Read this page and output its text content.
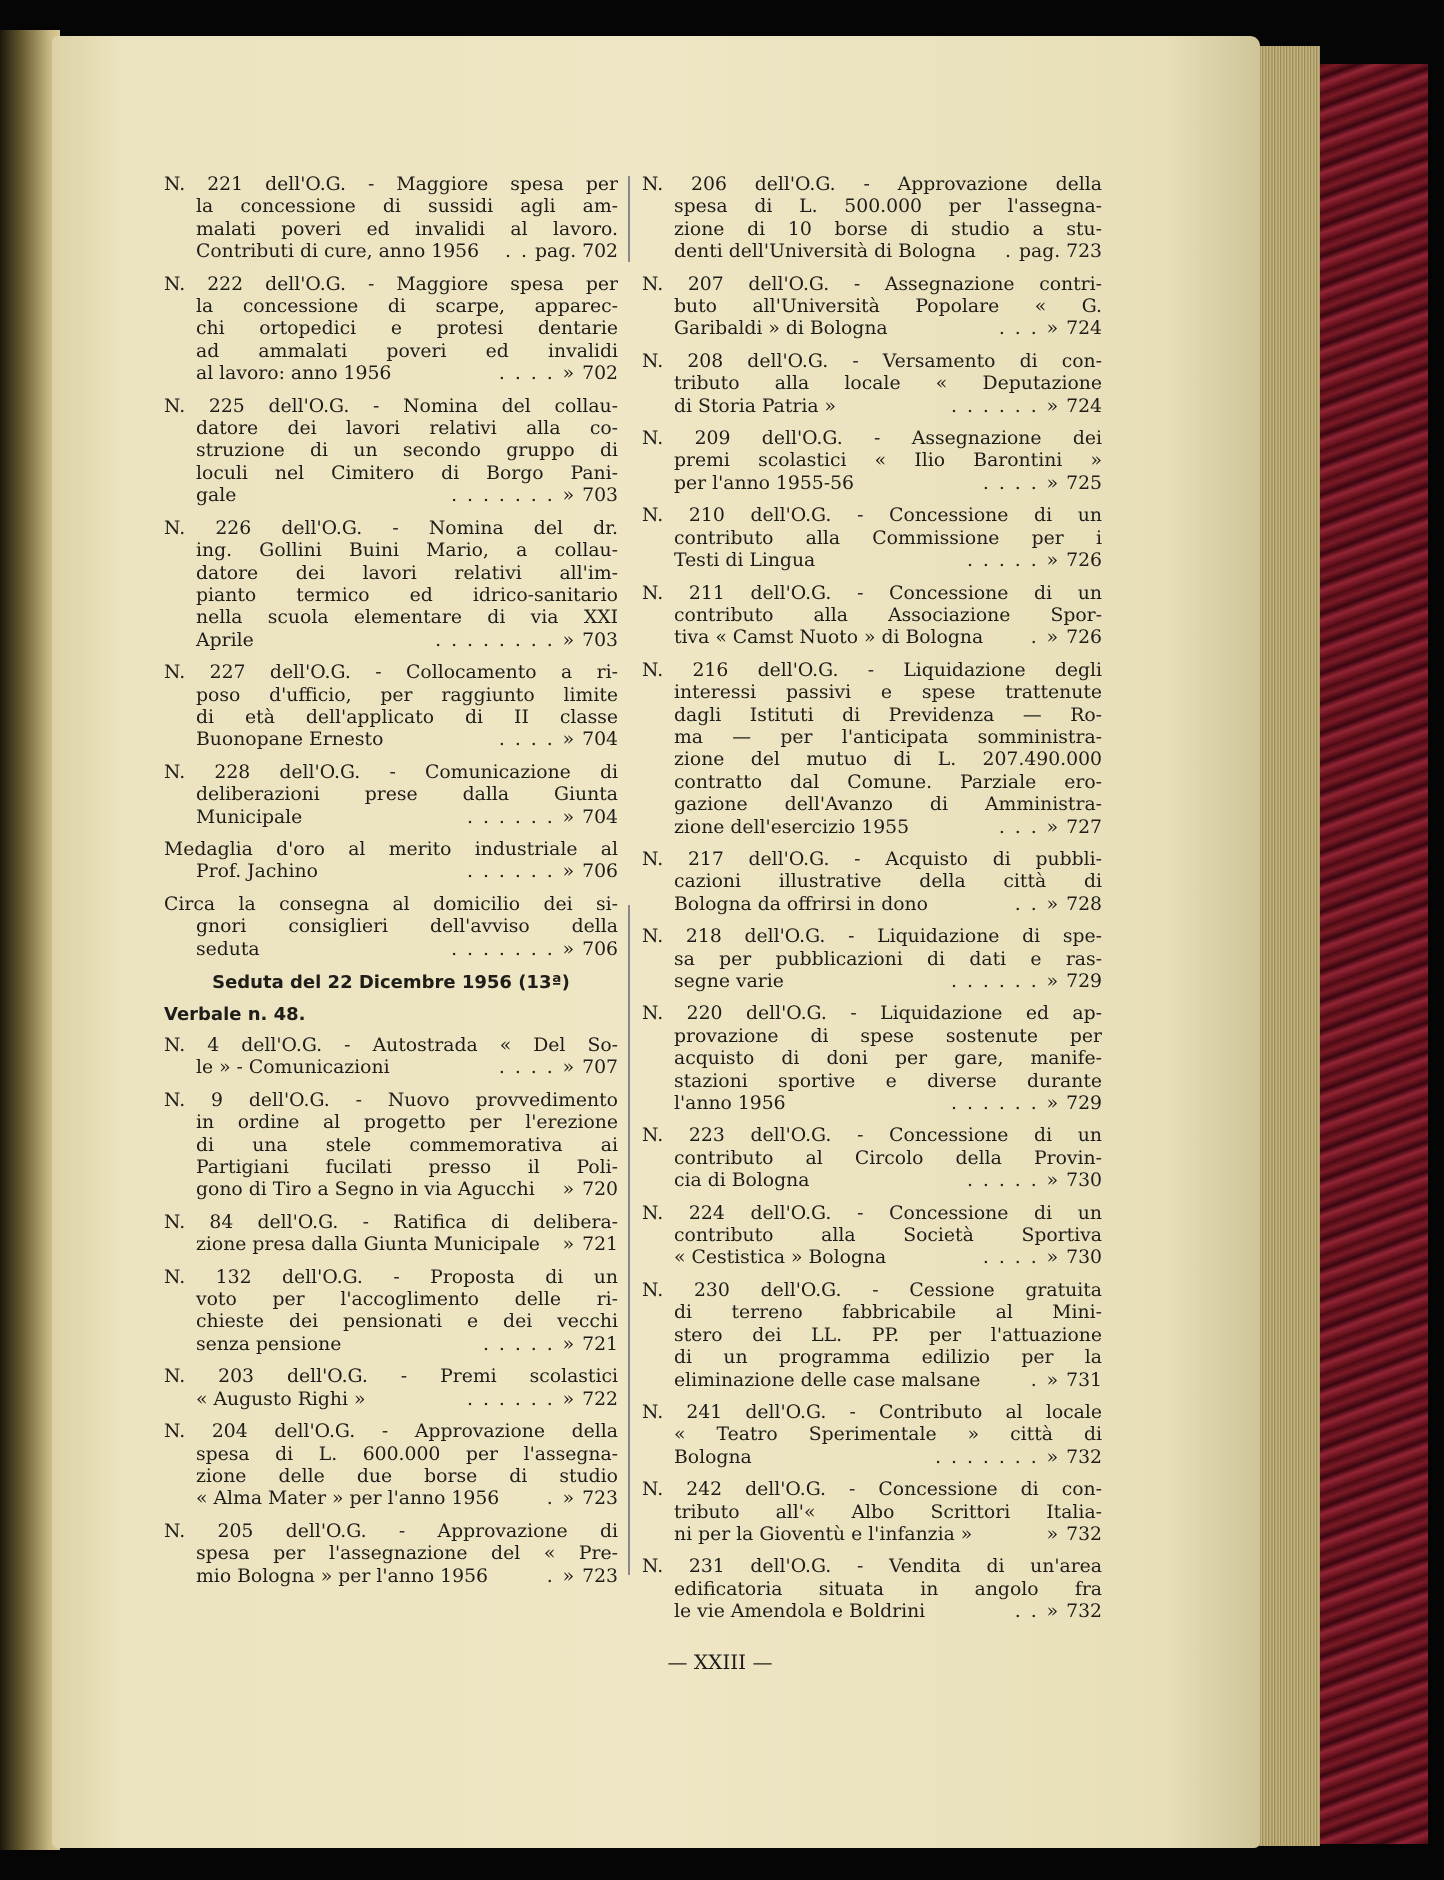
N. 221 dell'O.G. - Maggiore spesa per
la concessione di sussidi agli am-
malati poveri ed invalidi al lavoro.
Contributi di cure, anno 1956	. . pag. 702
N. 222 dell'O.G. - Maggiore spesa per
la concessione di scarpe, apparec-
chi ortopedici e protesi dentarie
ad ammalati poveri ed invalidi
al lavoro: anno 1956	. . . . » 702
N. 225 dell'O.G. - Nomina del collau-
datore dei lavori relativi alla co-
struzione di un secondo gruppo di
loculi nel Cimitero di Borgo Pani-
gale	. . . . . . . » 703
N. 226 dell'O.G. - Nomina del dr.
ing. Gollini Buini Mario, a collau-
datore dei lavori relativi all'im-
pianto termico ed idrico-sanitario
nella scuola elementare di via XXI
Aprile	. . . . . . . . » 703
N. 227 dell'O.G. - Collocamento a ri-
poso d'ufficio, per raggiunto limite
di età dell'applicato di II classe
Buonopane Ernesto	. . . . » 704
N. 228 dell'O.G. - Comunicazione di
deliberazioni prese dalla Giunta
Municipale	. . . . . . » 704
Medaglia d'oro al merito industriale al
Prof. Jachino	. . . . . . » 706
Circa la consegna al domicilio dei si-
gnori consiglieri dell'avviso della
seduta	. . . . . . . » 706
Seduta del 22 Dicembre 1956 (13ª)
Verbale n. 48.
N. 4 dell'O.G. - Autostrada « Del So-
le » - Comunicazioni	. . . . » 707
N. 9 dell'O.G. - Nuovo provvedimento
in ordine al progetto per l'erezione
di una stele commemorativa ai
Partigiani fucilati presso il Poli-
gono di Tiro a Segno in via Agucchi	» 720
N. 84 dell'O.G. - Ratifica di delibera-
zione presa dalla Giunta Municipale	» 721
N. 132 dell'O.G. - Proposta di un
voto per l'accoglimento delle ri-
chieste dei pensionati e dei vecchi
senza pensione	. . . . . » 721
N. 203 dell'O.G. - Premi scolastici
« Augusto Righi »	. . . . . . » 722
N. 204 dell'O.G. - Approvazione della
spesa di L. 600.000 per l'assegna-
zione delle due borse di studio
« Alma Mater » per l'anno 1956	. » 723
N. 205 dell'O.G. - Approvazione di
spesa per l'assegnazione del « Pre-
mio Bologna » per l'anno 1956	. » 723
N. 206 dell'O.G. - Approvazione della
spesa di L. 500.000 per l'assegna-
zione di 10 borse di studio a stu-
denti dell'Università di Bologna	. pag. 723
N. 207 dell'O.G. - Assegnazione contri-
buto all'Università Popolare « G.
Garibaldi » di Bologna	. . . » 724
N. 208 dell'O.G. - Versamento di con-
tributo alla locale « Deputazione
di Storia Patria »	. . . . . . » 724
N. 209 dell'O.G. - Assegnazione dei
premi scolastici « Ilio Barontini »
per l'anno 1955-56	. . . . » 725
N. 210 dell'O.G. - Concessione di un
contributo alla Commissione per i
Testi di Lingua	. . . . . » 726
N. 211 dell'O.G. - Concessione di un
contributo alla Associazione Spor-
tiva « Camst Nuoto » di Bologna	. » 726
N. 216 dell'O.G. - Liquidazione degli
interessi passivi e spese trattenute
dagli Istituti di Previdenza — Ro-
ma — per l'anticipata somministra-
zione del mutuo di L. 207.490.000
contratto dal Comune. Parziale ero-
gazione dell'Avanzo di Amministra-
zione dell'esercizio 1955	. . . » 727
N. 217 dell'O.G. - Acquisto di pubbli-
cazioni illustrative della città di
Bologna da offrirsi in dono	. . » 728
N. 218 dell'O.G. - Liquidazione di spe-
sa per pubblicazioni di dati e ras-
segne varie	. . . . . . » 729
N. 220 dell'O.G. - Liquidazione ed ap-
provazione di spese sostenute per
acquisto di doni per gare, manife-
stazioni sportive e diverse durante
l'anno 1956	. . . . . . » 729
N. 223 dell'O.G. - Concessione di un
contributo al Circolo della Provin-
cia di Bologna	. . . . . » 730
N. 224 dell'O.G. - Concessione di un
contributo alla Società Sportiva
« Cestistica » Bologna	. . . . » 730
N. 230 dell'O.G. - Cessione gratuita
di terreno fabbricabile al Mini-
stero dei LL. PP. per l'attuazione
di un programma edilizio per la
eliminazione delle case malsane	. » 731
N. 241 dell'O.G. - Contributo al locale
« Teatro Sperimentale » città di
Bologna	. . . . . . . » 732
N. 242 dell'O.G. - Concessione di con-
tributo all'« Albo Scrittori Italia-
ni per la Gioventù e l'infanzia »	» 732
N. 231 dell'O.G. - Vendita di un'area
edificatoria situata in angolo fra
le vie Amendola e Boldrini	. . » 732
— XXIII —
